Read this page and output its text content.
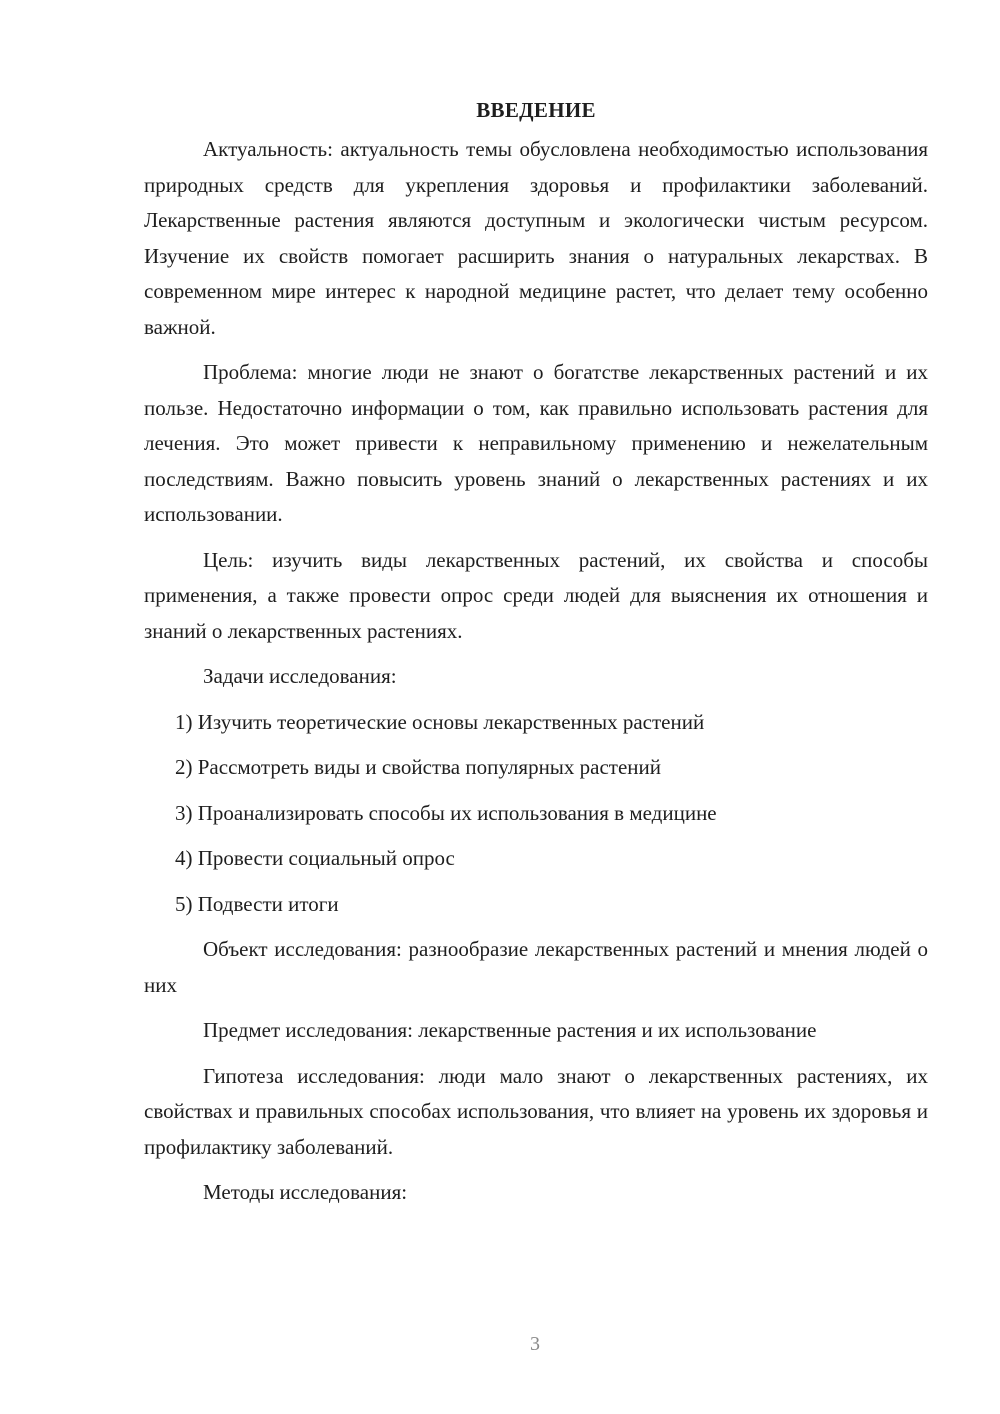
ВВЕДЕНИЕ

Актуальность: актуальность темы обусловлена необходимостью использования природных средств для укрепления здоровья и профилактики заболеваний. Лекарственные растения являются доступным и экологически чистым ресурсом. Изучение их свойств помогает расширить знания о натуральных лекарствах. В современном мире интерес к народной медицине растет, что делает тему особенно важной.

Проблема: многие люди не знают о богатстве лекарственных растений и их пользе. Недостаточно информации о том, как правильно использовать растения для лечения. Это может привести к неправильному применению и нежелательным последствиям. Важно повысить уровень знаний о лекарственных растениях и их использовании.

Цель: изучить виды лекарственных растений, их свойства и способы применения, а также провести опрос среди людей для выяснения их отношения и знаний о лекарственных растениях.

Задачи исследования:

1) Изучить теоретические основы лекарственных растений
2) Рассмотреть виды и свойства популярных растений
3) Проанализировать способы их использования в медицине
4) Провести социальный опрос
5) Подвести итоги

Объект исследования: разнообразие лекарственных растений и мнения людей о них

Предмет исследования: лекарственные растения и их использование

Гипотеза исследования: люди мало знают о лекарственных растениях, их свойствах и правильных способах использования, что влияет на уровень их здоровья и профилактику заболеваний.

Методы исследования:

3
